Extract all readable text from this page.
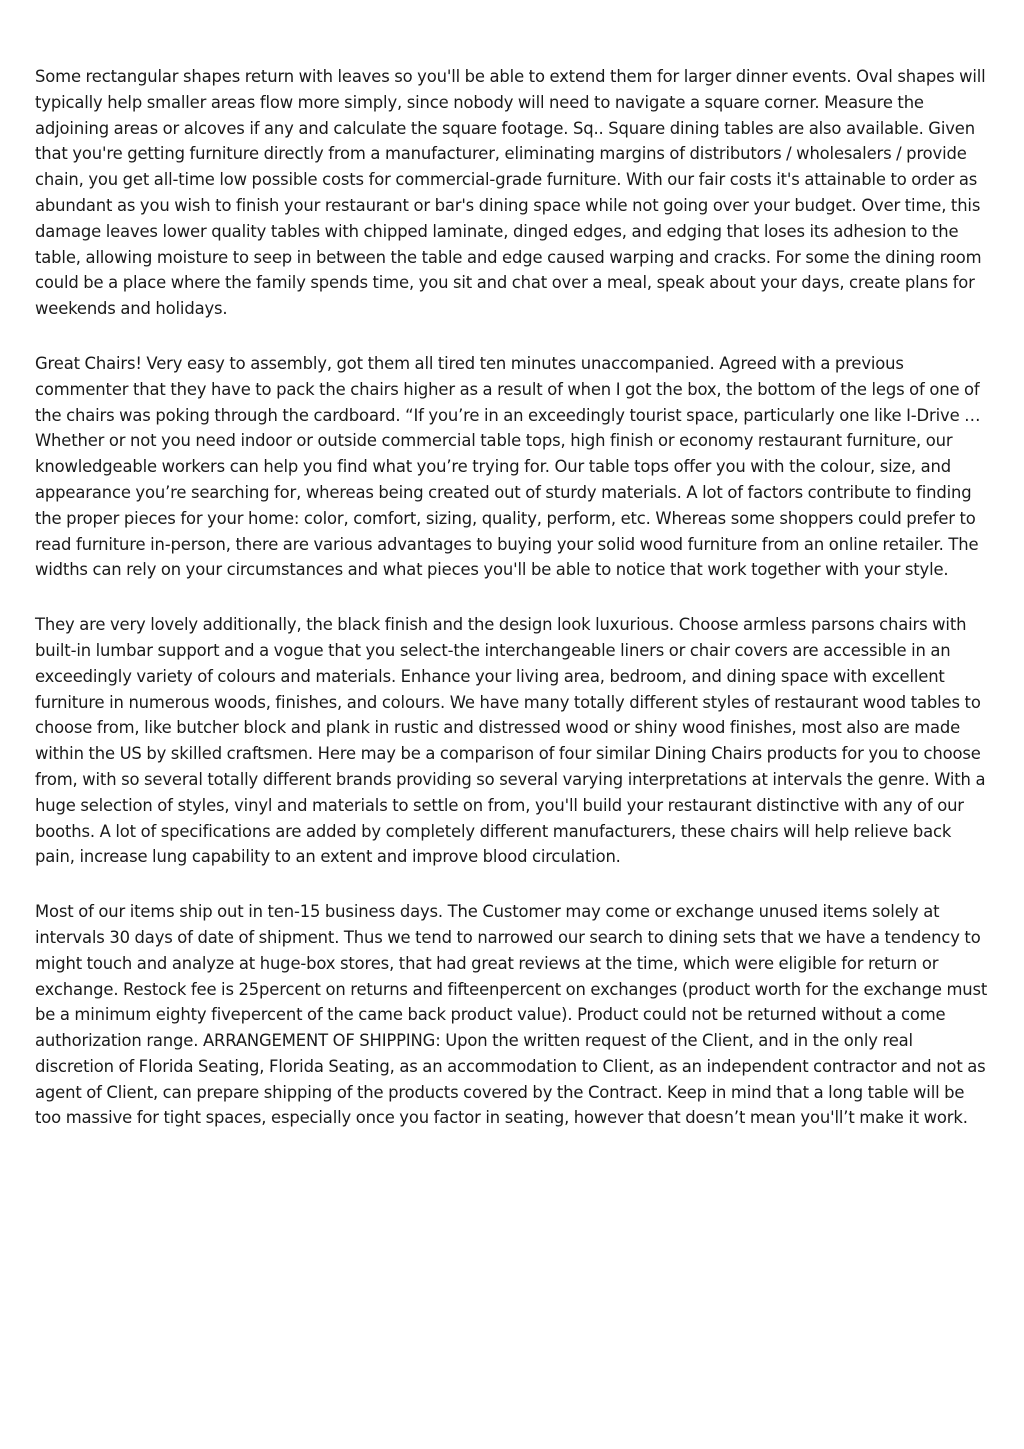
Some rectangular shapes return with leaves so you'll be able to extend them for larger dinner events. Oval shapes will typically help smaller areas flow more simply, since nobody will need to navigate a square corner. Measure the adjoining areas or alcoves if any and calculate the square footage. Sq.. Square dining tables are also available. Given that you're getting furniture directly from a manufacturer, eliminating margins of distributors / wholesalers / provide chain, you get all-time low possible costs for commercial-grade furniture. With our fair costs it's attainable to order as abundant as you wish to finish your restaurant or bar's dining space while not going over your budget. Over time, this damage leaves lower quality tables with chipped laminate, dinged edges, and edging that loses its adhesion to the table, allowing moisture to seep in between the table and edge caused warping and cracks. For some the dining room could be a place where the family spends time, you sit and chat over a meal, speak about your days, create plans for weekends and holidays.

Great Chairs! Very easy to assembly, got them all tired ten minutes unaccompanied. Agreed with a previous commenter that they have to pack the chairs higher as a result of when I got the box, the bottom of the legs of one of the chairs was poking through the cardboard. “If you’re in an exceedingly tourist space, particularly one like I-Drive … Whether or not you need indoor or outside commercial table tops, high finish or economy restaurant furniture, our knowledgeable workers can help you find what you’re trying for. Our table tops offer you with the colour, size, and appearance you’re searching for, whereas being created out of sturdy materials. A lot of factors contribute to finding the proper pieces for your home: color, comfort, sizing, quality, perform, etc. Whereas some shoppers could prefer to read furniture in-person, there are various advantages to buying your solid wood furniture from an online retailer. The widths can rely on your circumstances and what pieces you'll be able to notice that work together with your style.

They are very lovely additionally, the black finish and the design look luxurious. Choose armless parsons chairs with built-in lumbar support and a vogue that you select-the interchangeable liners or chair covers are accessible in an exceedingly variety of colours and materials. Enhance your living area, bedroom, and dining space with excellent furniture in numerous woods, finishes, and colours. We have many totally different styles of restaurant wood tables to choose from, like butcher block and plank in rustic and distressed wood or shiny wood finishes, most also are made within the US by skilled craftsmen. Here may be a comparison of four similar Dining Chairs products for you to choose from, with so several totally different brands providing so several varying interpretations at intervals the genre. With a huge selection of styles, vinyl and materials to settle on from, you'll build your restaurant distinctive with any of our booths. A lot of specifications are added by completely different manufacturers, these chairs will help relieve back pain, increase lung capability to an extent and improve blood circulation.

Most of our items ship out in ten-15 business days. The Customer may come or exchange unused items solely at intervals 30 days of date of shipment. Thus we tend to narrowed our search to dining sets that we have a tendency to might touch and analyze at huge-box stores, that had great reviews at the time, which were eligible for return or exchange. Restock fee is 25percent on returns and fifteenpercent on exchanges (product worth for the exchange must be a minimum eighty fivepercent of the came back product value). Product could not be returned without a come authorization range. ARRANGEMENT OF SHIPPING: Upon the written request of the Client, and in the only real discretion of Florida Seating, Florida Seating, as an accommodation to Client, as an independent contractor and not as agent of Client, can prepare shipping of the products covered by the Contract. Keep in mind that a long table will be too massive for tight spaces, especially once you factor in seating, however that doesn’t mean you'll’t make it work.
